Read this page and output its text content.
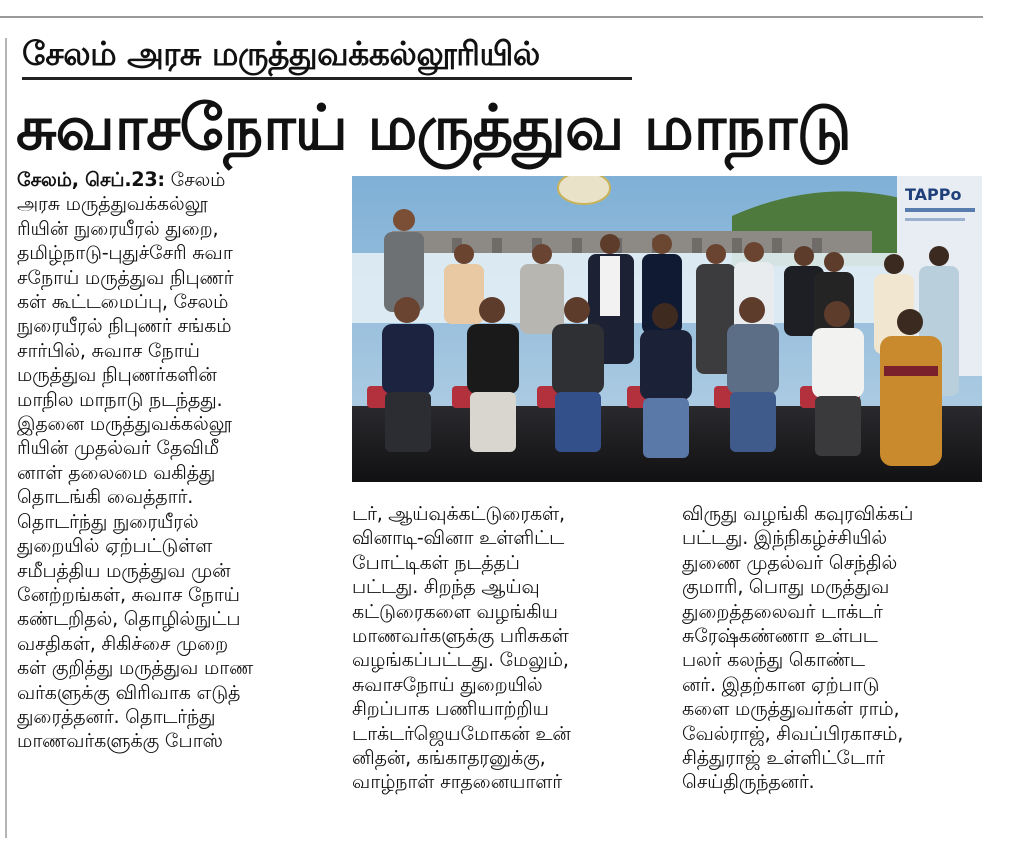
சேலம் அரசு மருத்துவக்கல்லூரியில்
சுவாசநோய் மருத்துவ மாநாடு
சேலம், செப்.23: சேலம்
அரசு மருத்துவக்கல்லூ
ரியின் நுரையீரல் துறை,
தமிழ்நாடு-புதுச்சேரி சுவா
சநோய் மருத்துவ நிபுணர்
கள் கூட்டமைப்பு, சேலம்
நுரையீரல் நிபுணர் சங்கம்
சார்பில், சுவாச நோய்
மருத்துவ நிபுணர்களின்
மாநில மாநாடு நடந்தது.
இதனை மருத்துவக்கல்லூ
ரியின் முதல்வர் தேவிமீ
னாள் தலைமை வகித்து
தொடங்கி வைத்தார்.
தொடர்ந்து நுரையீரல்
துறையில் ஏற்பட்டுள்ள
சமீபத்திய மருத்துவ முன்
னேற்றங்கள், சுவாச நோய்
கண்டறிதல், தொழில்நுட்ப
வசதிகள், சிகிச்சை முறை
கள் குறித்து மருத்துவ மாண
வர்களுக்கு விரிவாக எடுத்
துரைத்தனர். தொடர்ந்து
மாணவர்களுக்கு போஸ்
TAPPo
டர், ஆய்வுக்கட்டுரைகள்,
வினாடி-வினா உள்ளிட்ட
போட்டிகள் நடத்தப்
பட்டது. சிறந்த ஆய்வு
கட்டுரைகளை வழங்கிய
மாணவர்களுக்கு பரிசுகள்
வழங்கப்பட்டது. மேலும்,
சுவாசநோய் துறையில்
சிறப்பாக பணியாற்றிய
டாக்டர்ஜெயமோகன் உன்
னிதன், கங்காதரனுக்கு,
வாழ்நாள் சாதனையாளர்
விருது வழங்கி கவுரவிக்கப்
பட்டது. இந்நிகழ்ச்சியில்
துணை முதல்வர் செந்தில்
குமாரி, பொது மருத்துவ
துறைத்தலைவர் டாக்டர்
சுரேஷ்கண்ணா உள்பட
பலர் கலந்து கொண்ட
னர். இதற்கான ஏற்பாடு
களை மருத்துவர்கள் ராம்,
வேல்ராஜ், சிவப்பிரகாசம்,
சித்துராஜ் உள்ளிட்டோர்
செய்திருந்தனர்.
